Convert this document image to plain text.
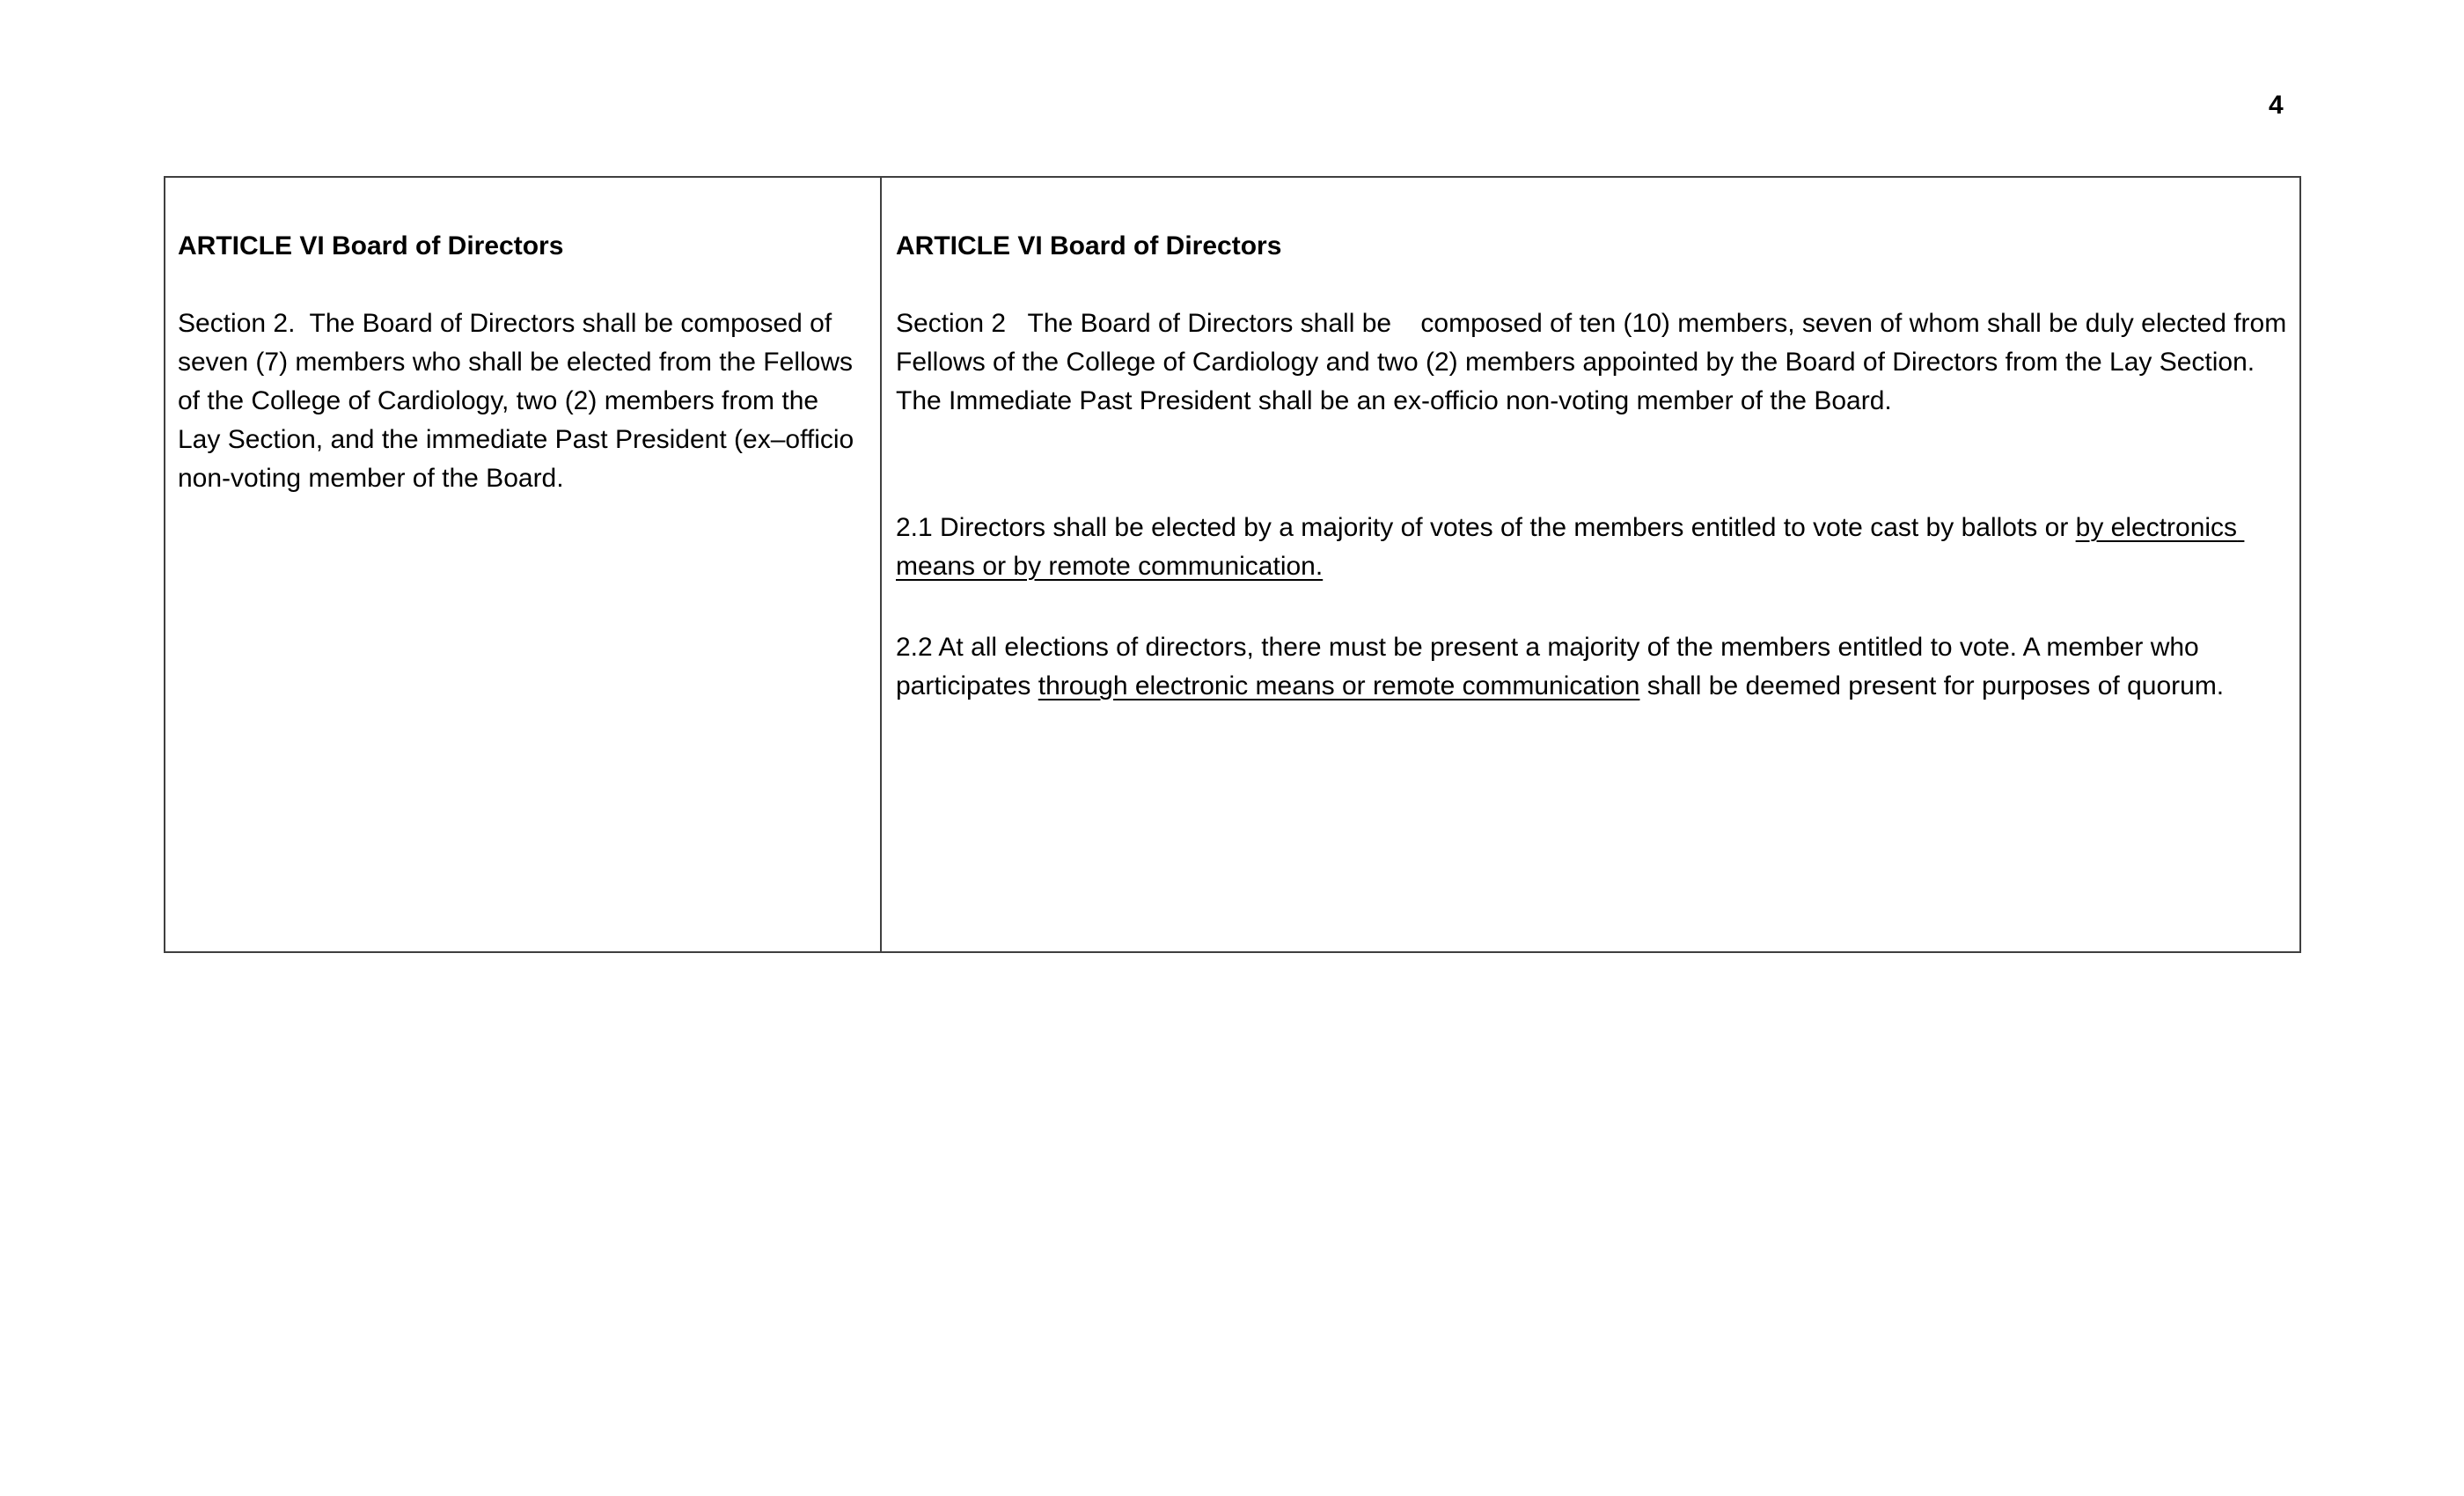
4

ARTICLE VI Board of Directors

Section 2.  The Board of Directors shall be composed of seven (7) members who shall be elected from the Fellows of the College of Cardiology, two (2) members from the Lay Section, and the immediate Past President (ex–officio non-voting member of the Board.

ARTICLE VI Board of Directors

Section 2   The Board of Directors shall be    composed of ten (10) members, seven of whom shall be duly elected from Fellows of the College of Cardiology and two (2) members appointed by the Board of Directors from the Lay Section. The Immediate Past President shall be an ex-officio non-voting member of the Board.

2.1 Directors shall be elected by a majority of votes of the members entitled to vote cast by ballots or by electronics means or by remote communication.

2.2 At all elections of directors, there must be present a majority of the members entitled to vote. A member who participates through electronic means or remote communication shall be deemed present for purposes of quorum.
